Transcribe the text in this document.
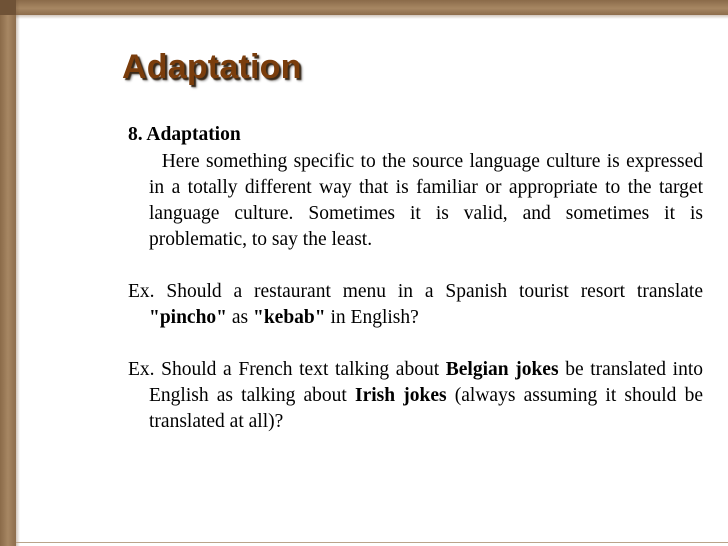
Adaptation

8. Adaptation

Here something specific to the source language culture is expressed in a totally different way that is familiar or appropriate to the target language culture. Sometimes it is valid, and sometimes it is problematic, to say the least.

Ex. Should a restaurant menu in a Spanish tourist resort translate "pincho" as "kebab" in English?

Ex. Should a French text talking about Belgian jokes be translated into English as talking about Irish jokes (always assuming it should be translated at all)?
